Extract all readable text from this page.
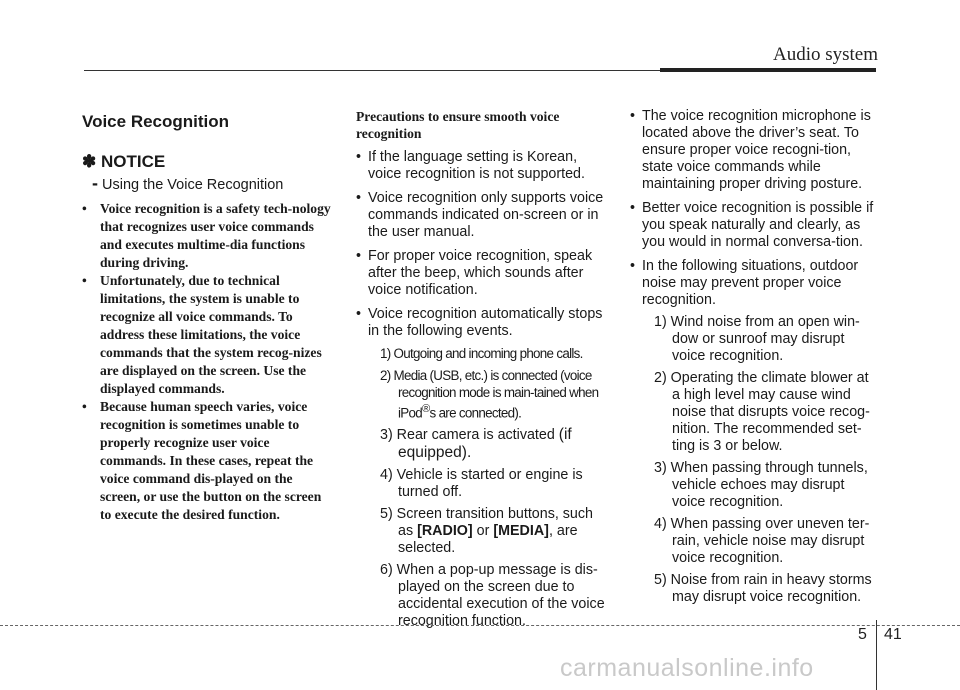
Audio system
Voice Recognition
✽ NOTICE
- Using the Voice Recognition
• Voice recognition is a safety tech-nology that recognizes user voice commands and executes multime-dia functions during driving.
• Unfortunately, due to technical limitations, the system is unable to recognize all voice commands. To address these limitations, the voice commands that the system recog-nizes are displayed on the screen. Use the displayed commands.
• Because human speech varies, voice recognition is sometimes unable to properly recognize user voice commands. In these cases, repeat the voice command dis-played on the screen, or use the button on the screen to execute the desired function.
Precautions to ensure smooth voice recognition
• If the language setting is Korean, voice recognition is not supported.
• Voice recognition only supports voice commands indicated on-screen or in the user manual.
• For proper voice recognition, speak after the beep, which sounds after voice notification.
• Voice recognition automatically stops in the following events.
1) Outgoing and incoming phone calls.
2) Media (USB, etc.) is connected (voice recognition mode is main-tained when iPod®s are connected).
3) Rear camera is activated (if equipped).
4) Vehicle is started or engine is turned off.
5) Screen transition buttons, such as [RADIO] or [MEDIA], are selected.
6) When a pop-up message is dis-played on the screen due to accidental execution of the voice recognition function.
• The voice recognition microphone is located above the driver’s seat. To ensure proper voice recogni-tion, state voice commands while maintaining proper driving posture.
• Better voice recognition is possible if you speak naturally and clearly, as you would in normal conversa-tion.
• In the following situations, outdoor noise may prevent proper voice recognition.
1) Wind noise from an open win-dow or sunroof may disrupt voice recognition.
2) Operating the climate blower at a high level may cause wind noise that disrupts voice recog-nition. The recommended set-ting is 3 or below.
3) When passing through tunnels, vehicle echoes may disrupt voice recognition.
4) When passing over uneven ter-rain, vehicle noise may disrupt voice recognition.
5) Noise from rain in heavy storms may disrupt voice recognition.
5 41
carmanualsonline.info
